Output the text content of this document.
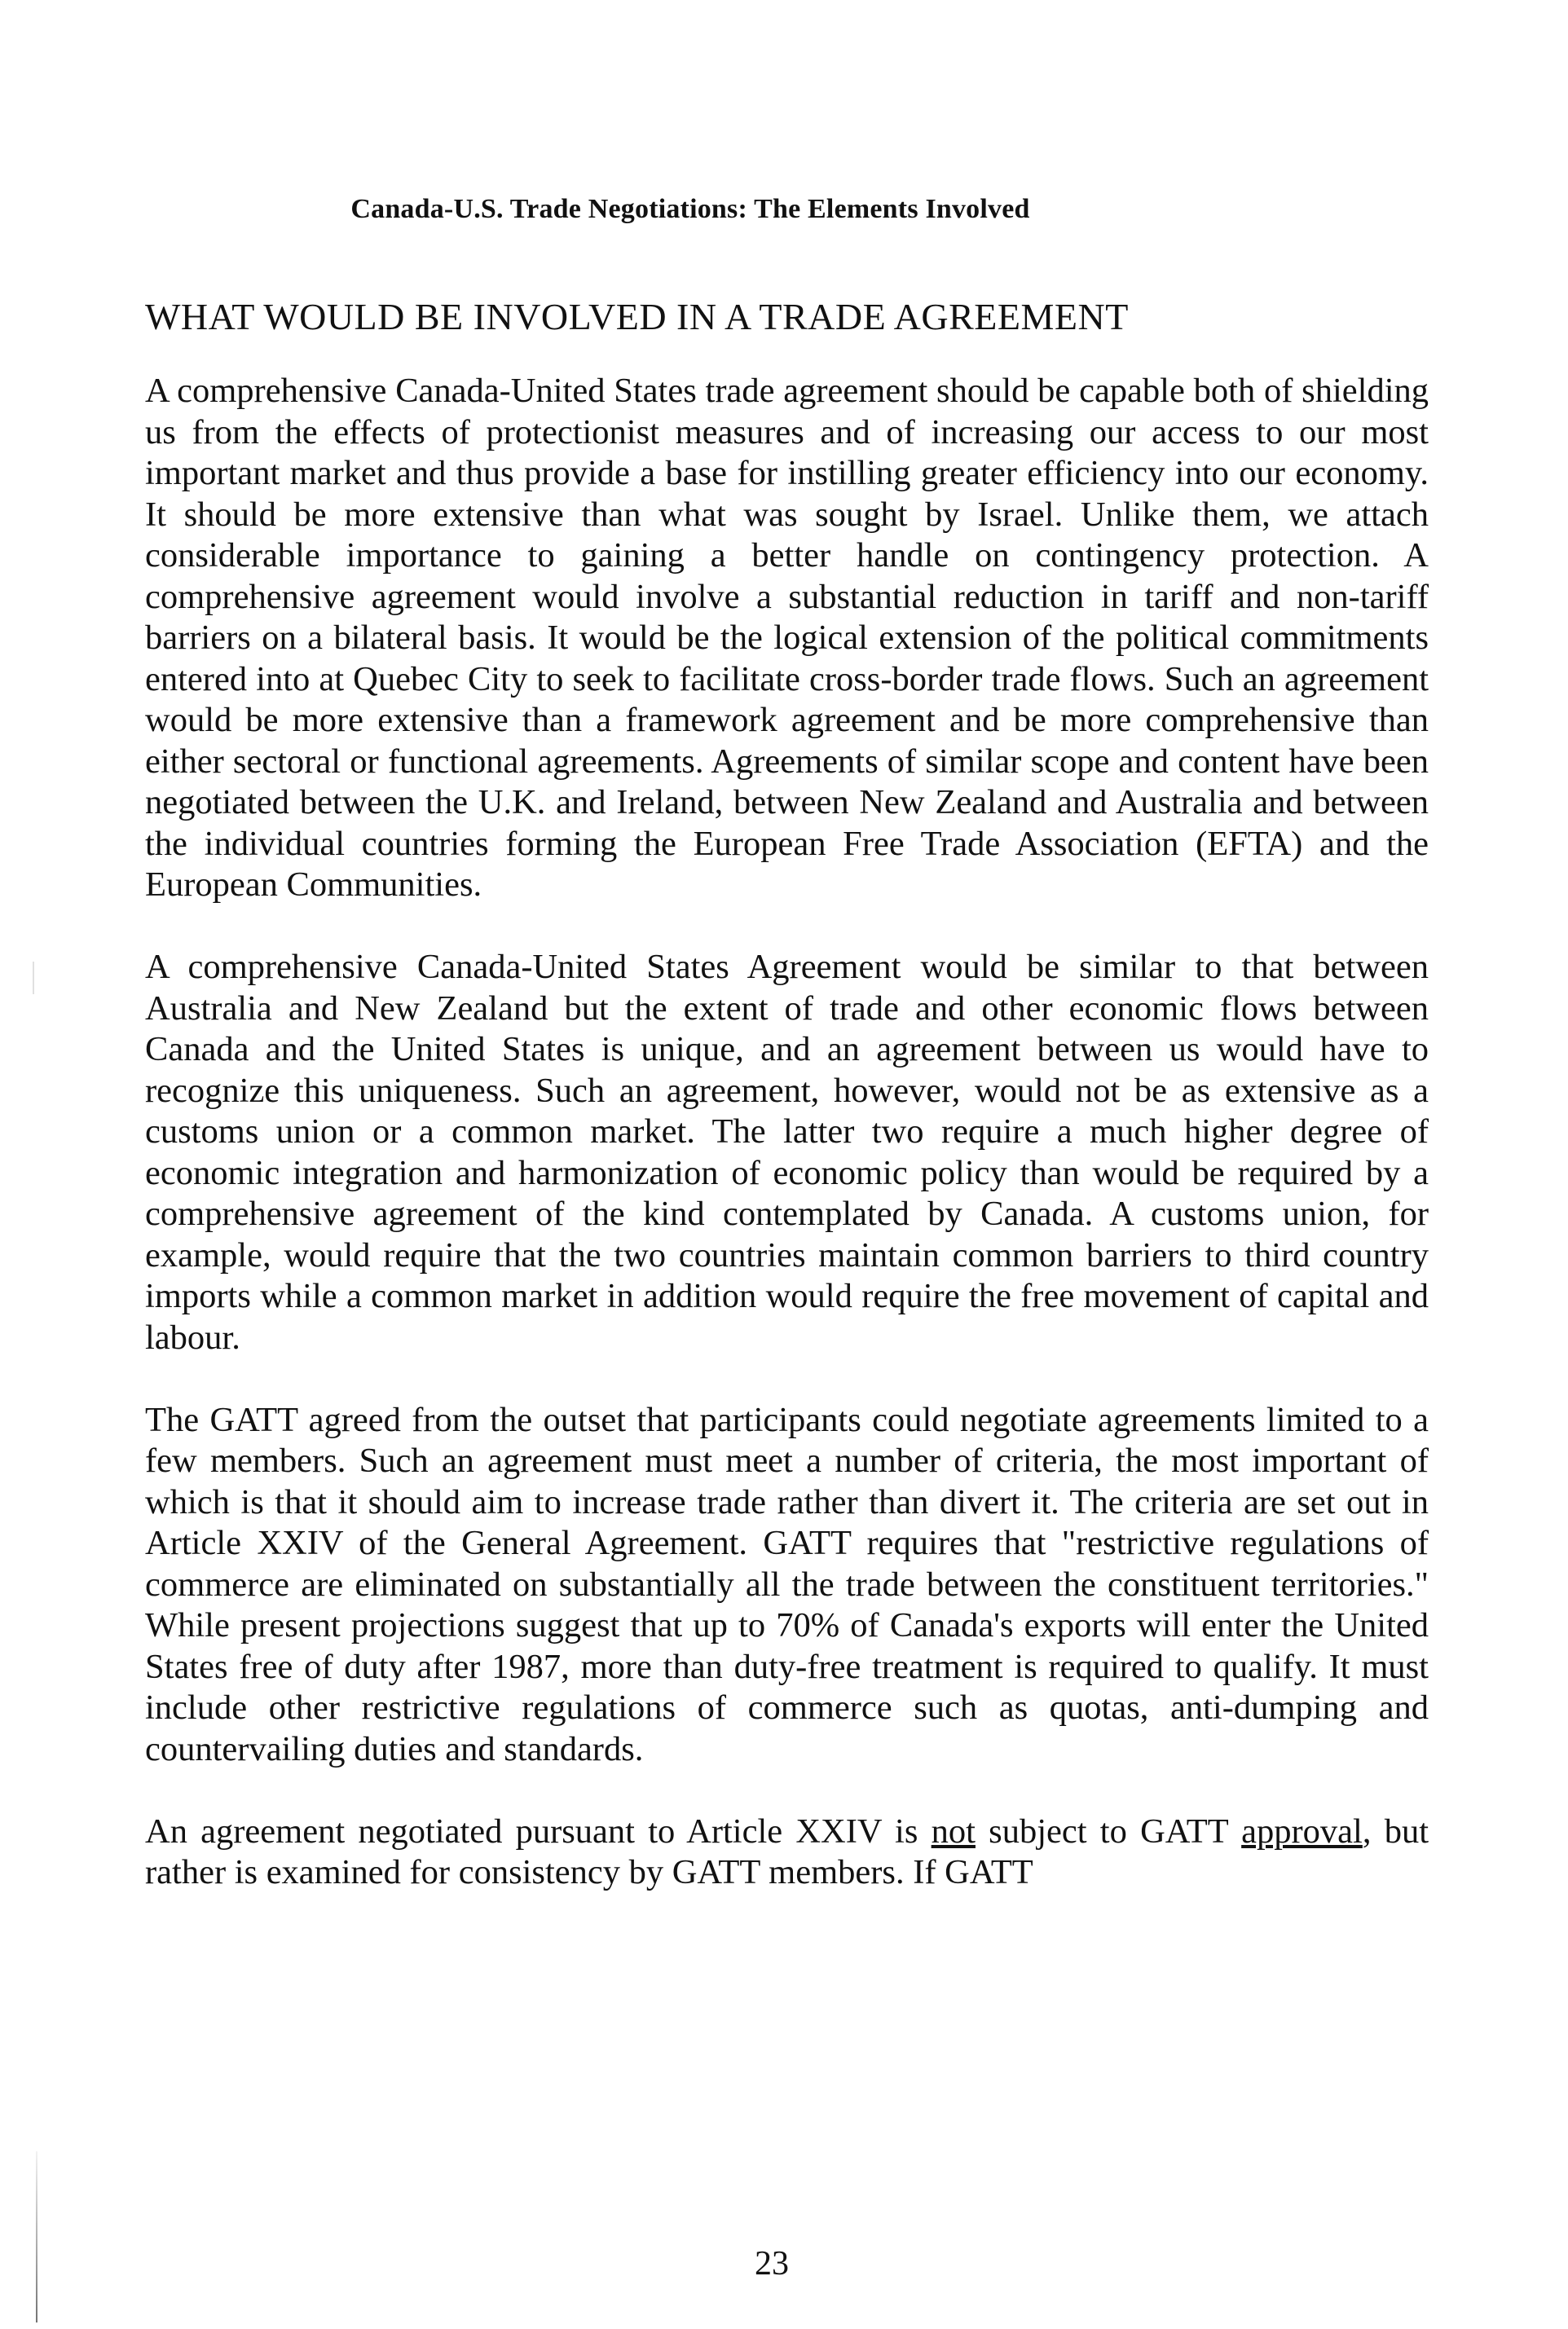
Canada-U.S. Trade Negotiations: The Elements Involved
WHAT WOULD BE INVOLVED IN A TRADE AGREEMENT

A comprehensive Canada-United States trade agreement should be capable both of shielding us from the effects of protectionist measures and of increasing our access to our most important market and thus provide a base for instilling greater efficiency into our economy. It should be more extensive than what was sought by Israel. Unlike them, we attach considerable importance to gaining a better handle on contingency protection. A comprehensive agreement would involve a substantial reduction in tariff and non-tariff barriers on a bilateral basis. It would be the logical extension of the political commitments entered into at Quebec City to seek to facilitate cross-border trade flows. Such an agreement would be more extensive than a framework agreement and be more comprehensive than either sectoral or functional agreements. Agreements of similar scope and content have been negotiated between the U.K. and Ireland, between New Zealand and Australia and between the individual countries forming the European Free Trade Association (EFTA) and the European Communities.

A comprehensive Canada-United States Agreement would be similar to that between Australia and New Zealand but the extent of trade and other economic flows between Canada and the United States is unique, and an agreement between us would have to recognize this uniqueness. Such an agreement, however, would not be as extensive as a customs union or a common market. The latter two require a much higher degree of economic integration and harmonization of economic policy than would be required by a comprehensive agreement of the kind contemplated by Canada. A customs union, for example, would require that the two countries maintain common barriers to third country imports while a common market in addition would require the free movement of capital and labour.

The GATT agreed from the outset that participants could negotiate agreements limited to a few members. Such an agreement must meet a number of criteria, the most important of which is that it should aim to increase trade rather than divert it. The criteria are set out in Article XXIV of the General Agreement. GATT requires that "restrictive regulations of commerce are eliminated on substantially all the trade between the constituent territories." While present projections suggest that up to 70% of Canada's exports will enter the United States free of duty after 1987, more than duty-free treatment is required to qualify. It must include other restrictive regulations of commerce such as quotas, anti-dumping and countervailing duties and standards.

An agreement negotiated pursuant to Article XXIV is not subject to GATT approval, but rather is examined for consistency by GATT members. If GATT

23
